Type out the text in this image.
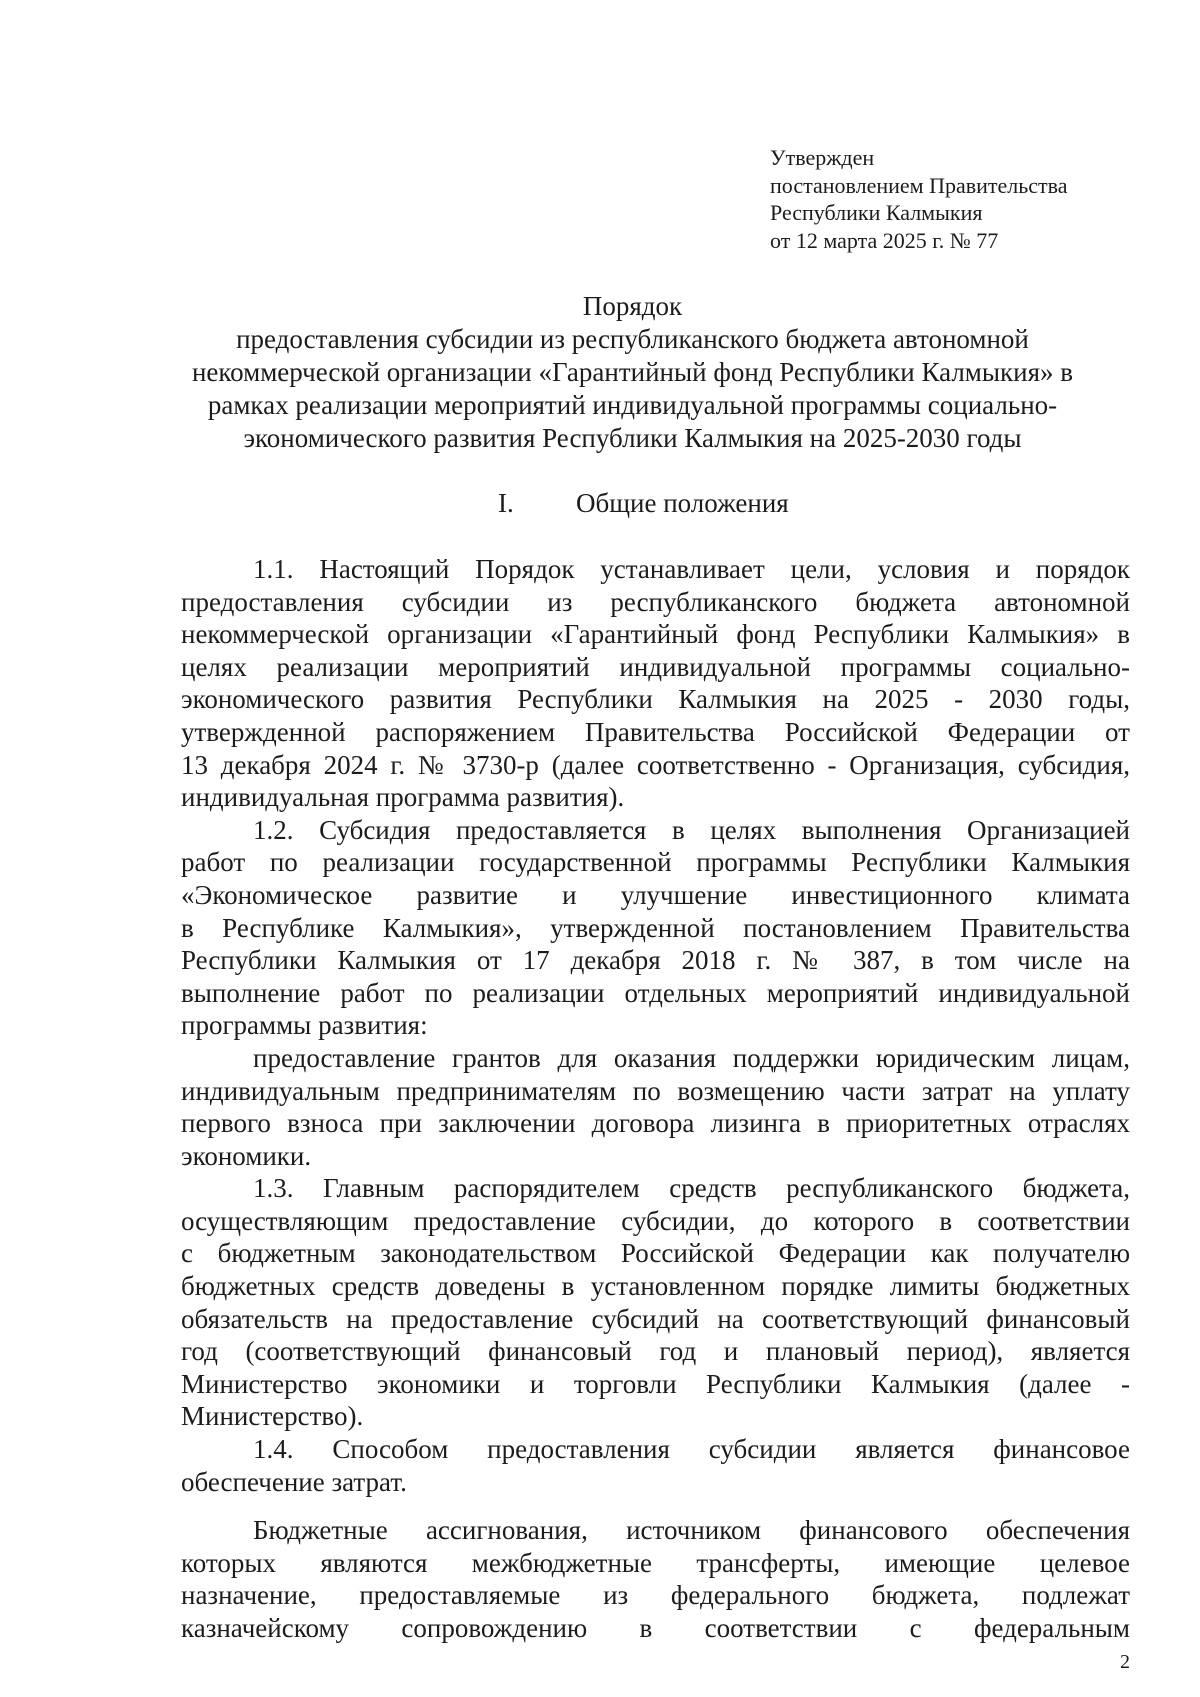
Утвержден
постановлением Правительства
Республики Калмыкия
от 12 марта 2025 г. № 77
Порядок
предоставления субсидии из республиканского бюджета автономной
некоммерческой организации «Гарантийный фонд Республики Калмыкия» в
рамках реализации мероприятий индивидуальной программы социально-
экономического развития Республики Калмыкия на 2025-2030 годы
I. Общие положения
1.1. Настоящий Порядок устанавливает цели, условия и порядок
предоставления субсидии из республиканского бюджета автономной
некоммерческой организации «Гарантийный фонд Республики Калмыкия» в
целях реализации мероприятий индивидуальной программы социально-
экономического развития Республики Калмыкия на 2025 - 2030 годы,
утвержденной распоряжением Правительства Российской Федерации от
13 декабря 2024 г. № 3730-р (далее соответственно - Организация, субсидия,
индивидуальная программа развития).
1.2. Субсидия предоставляется в целях выполнения Организацией
работ по реализации государственной программы Республики Калмыкия
«Экономическое развитие и улучшение инвестиционного климата
в Республике Калмыкия», утвержденной постановлением Правительства
Республики Калмыкия от 17 декабря 2018 г. № 387, в том числе на
выполнение работ по реализации отдельных мероприятий индивидуальной
программы развития:
предоставление грантов для оказания поддержки юридическим лицам,
индивидуальным предпринимателям по возмещению части затрат на уплату
первого взноса при заключении договора лизинга в приоритетных отраслях
экономики.
1.3. Главным распорядителем средств республиканского бюджета,
осуществляющим предоставление субсидии, до которого в соответствии
с бюджетным законодательством Российской Федерации как получателю
бюджетных средств доведены в установленном порядке лимиты бюджетных
обязательств на предоставление субсидий на соответствующий финансовый
год (соответствующий финансовый год и плановый период), является
Министерство экономики и торговли Республики Калмыкия (далее -
Министерство).
1.4. Способом предоставления субсидии является финансовое
обеспечение затрат.
Бюджетные ассигнования, источником финансового обеспечения
которых являются межбюджетные трансферты, имеющие целевое
назначение, предоставляемые из федерального бюджета, подлежат
казначейскому сопровождению в соответствии с федеральным
2
